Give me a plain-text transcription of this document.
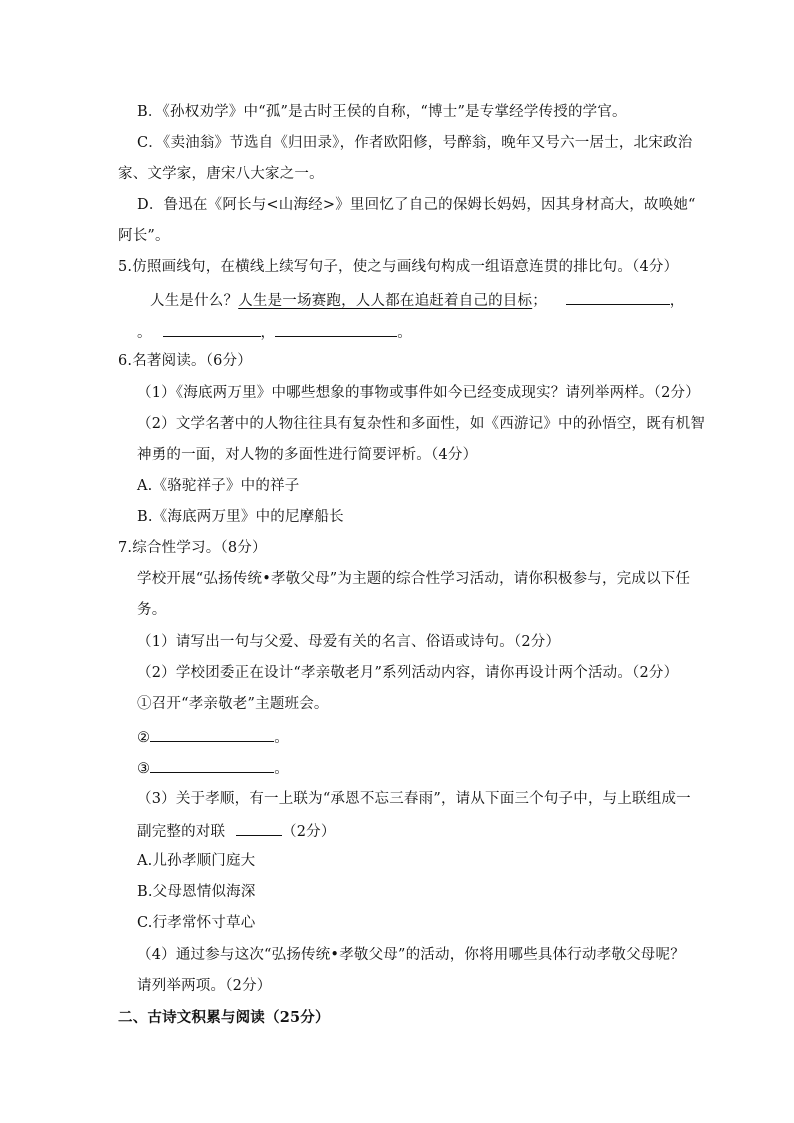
B．《孙权劝学》中“孤”是古时王侯的自称，“博士”是专掌经学传授的学官。
C．《卖油翁》节选自《归田录》，作者欧阳修，号醉翁，晚年又号六一居士，北宋政治
家、文学家，唐宋八大家之一。
D．鲁迅在《阿长与<山海经>》里回忆了自己的保姆长妈妈，因其身材高大，故唤她“
阿长”。
5.仿照画线句，在横线上续写句子，使之与画线句构成一组语意连贯的排比句。（4分）
人生是什么？人生是一场赛跑，人人都在追赶着自己的目标；	，
。	，	。
6.名著阅读。（6分）
（1）《海底两万里》中哪些想象的事物或事件如今已经变成现实？请列举两样。（2分）
（2）文学名著中的人物往往具有复杂性和多面性，如《西游记》中的孙悟空，既有机智
神勇的一面，对人物的多面性进行简要评析。（4分）
A.《骆驼祥子》中的祥子
B.《海底两万里》中的尼摩船长
7.综合性学习。（8分）
学校开展“弘扬传统•孝敬父母”为主题的综合性学习活动，请你积极参与，完成以下任
务。
（1）请写出一句与父爱、母爱有关的名言、俗语或诗句。（2分）
（2）学校团委正在设计“孝亲敬老月”系列活动内容，请你再设计两个活动。（2分）
①召开“孝亲敬老”主题班会。
②	。
③	。
（3）关于孝顺，有一上联为“承恩不忘三春雨”，请从下面三个句子中，与上联组成一
副完整的对联	（2分）
A.儿孙孝顺门庭大
B.父母恩情似海深
C.行孝常怀寸草心
（4）通过参与这次“弘扬传统•孝敬父母”的活动，你将用哪些具体行动孝敬父母呢？
请列举两项。（2分）
二、古诗文积累与阅读（25分）
